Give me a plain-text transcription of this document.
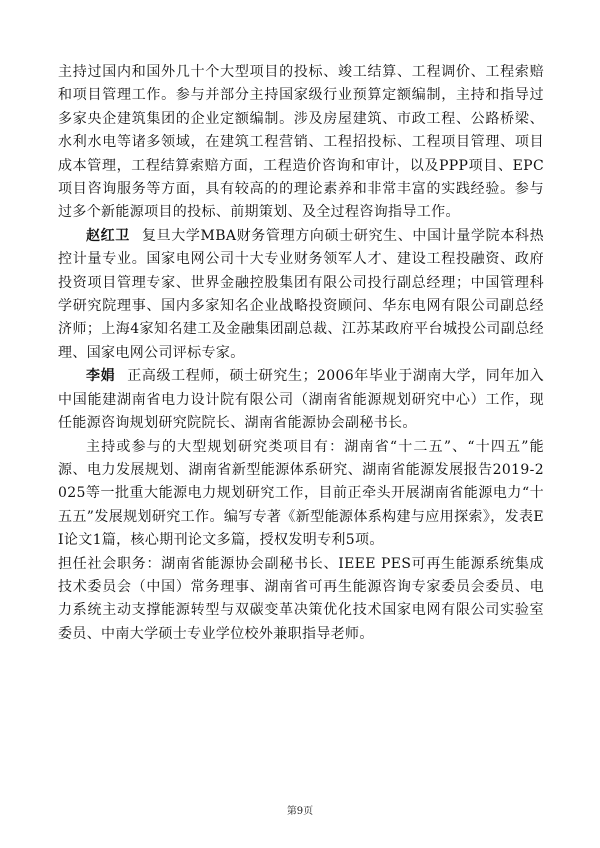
主持过国内和国外几十个大型项目的投标、竣工结算、工程调价、工程索赔和项目管理工作。参与并部分主持国家级行业预算定额编制，主持和指导过多家央企建筑集团的企业定额编制。涉及房屋建筑、市政工程、公路桥梁、水利水电等诸多领域，在建筑工程营销、工程招投标、工程项目管理、项目成本管理，工程结算索赔方面，工程造价咨询和审计，以及PPP项目、EPC项目咨询服务等方面，具有较高的的理论素养和非常丰富的实践经验。参与过多个新能源项目的投标、前期策划、及全过程咨询指导工作。

赵红卫 复旦大学MBA财务管理方向硕士研究生、中国计量学院本科热控计量专业。国家电网公司十大专业财务领军人才、建设工程投融资、政府投资项目管理专家、世界金融控股集团有限公司投行副总经理；中国管理科学研究院理事、国内多家知名企业战略投资顾问、华东电网有限公司副总经济师；上海4家知名建工及金融集团副总裁、江苏某政府平台城投公司副总经理、国家电网公司评标专家。

李娟 正高级工程师，硕士研究生；2006年毕业于湖南大学，同年加入中国能建湖南省电力设计院有限公司（湖南省能源规划研究中心）工作，现任能源咨询规划研究院院长、湖南省能源协会副秘书长。

主持或参与的大型规划研究类项目有：湖南省“十二五”、“十四五”能源、电力发展规划、湖南省新型能源体系研究、湖南省能源发展报告2019-2025等一批重大能源电力规划研究工作，目前正牵头开展湖南省能源电力“十五五”发展规划研究工作。编写专著《新型能源体系构建与应用探索》，发表EI论文1篇，核心期刊论文多篇，授权发明专利5项。

担任社会职务：湖南省能源协会副秘书长、IEEE PES可再生能源系统集成技术委员会（中国）常务理事、湖南省可再生能源咨询专家委员会委员、电力系统主动支撑能源转型与双碳变革决策优化技术国家电网有限公司实验室委员、中南大学硕士专业学位校外兼职指导老师。

第9页
